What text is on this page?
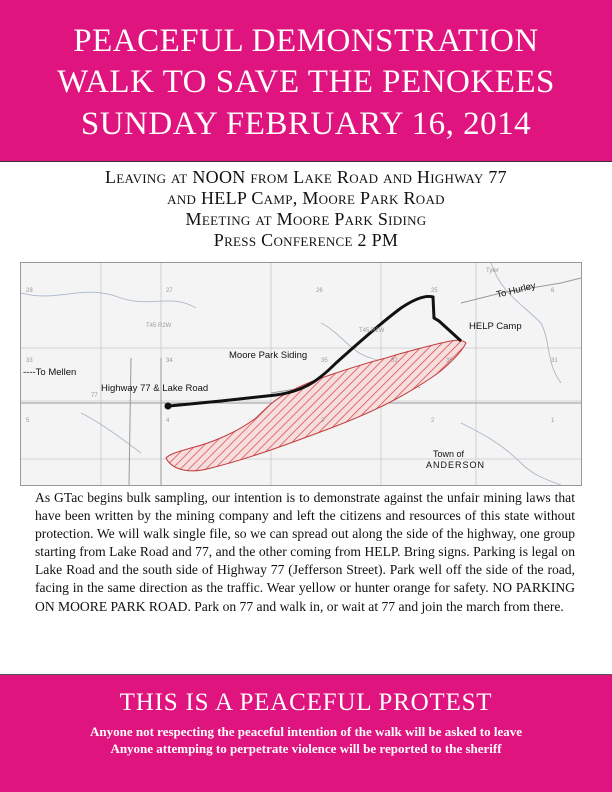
PEACEFUL DEMONSTRATION
WALK TO SAVE THE PENOKEES
SUNDAY FEBRUARY 16, 2014
Leaving at NOON from Lake Road and Highway 77
and HELP Camp, Moore Park Road
Meeting at Moore Park Siding
Press Conference 2 PM
28	27	26	25
Tyler
33	34	35	36
T45 R2W
T45 R2W
77
4	3	2	1
5
31
32
6
To Hurley
HELP Camp
Moore Park Siding
----To Mellen
Highway 77 & Lake Road
Town of
ANDERSON
As GTac begins bulk sampling, our intention is to demonstrate against the unfair mining laws that have been written by the mining company and left the citizens and resources of this state without protection. We will walk single file, so we can spread out along the side of the highway, one group starting from Lake Road and 77, and the other coming from HELP. Bring signs. Parking is legal on Lake Road and the south side of Highway 77 (Jefferson Street). Park well off the side of the road, facing in the same direction as the traffic. Wear yellow or hunter orange for safety. NO PARKING ON MOORE PARK ROAD. Park on 77 and walk in, or wait at 77 and join the march from there.
THIS IS A PEACEFUL PROTEST
Anyone not respecting the peaceful intention of the walk will be asked to leave
Anyone attemping to perpetrate violence will be reported to the sheriff
